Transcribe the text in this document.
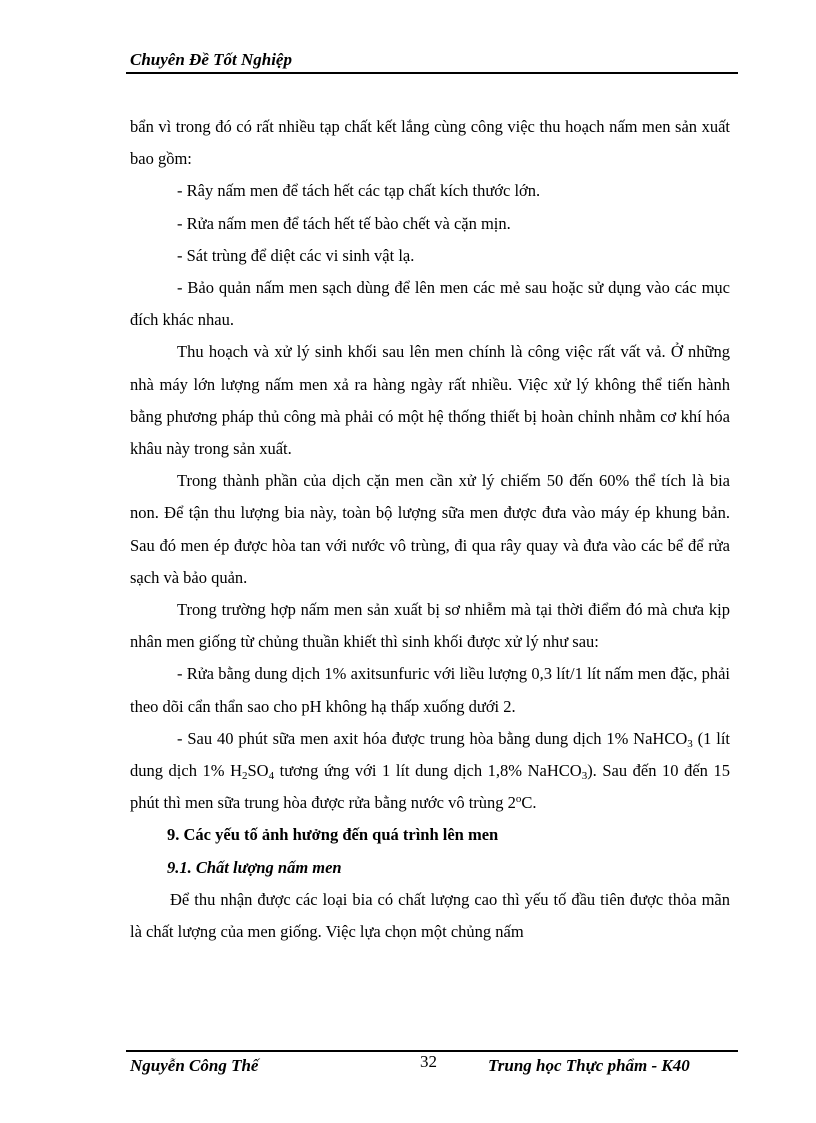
Chuyên Đề Tốt Nghiệp

bẩn vì trong đó có rất nhiều tạp chất kết lắng cùng công việc thu hoạch nấm men sản xuất bao gồm:

- Rây nấm men để tách hết các tạp chất kích thước lớn.

- Rửa nấm men để tách hết tế bào chết và cặn mịn.

- Sát trùng để diệt các vi sinh vật lạ.

- Bảo quản nấm men sạch dùng để lên men các mẻ sau hoặc sử dụng vào các mục đích khác nhau.

Thu hoạch và xử lý sinh khối sau lên men chính là công việc rất vất vả. Ở những nhà máy lớn lượng nấm men xả ra hàng ngày rất nhiều. Việc xử lý không thể tiến hành bằng phương pháp thủ công mà phải có một hệ thống thiết bị hoàn chỉnh nhằm cơ khí hóa khâu này trong sản xuất.

Trong thành phần của dịch cặn men cần xử lý chiếm 50 đến 60% thể tích là bia non. Để tận thu lượng bia này, toàn bộ lượng sữa men được đưa vào máy ép khung bản. Sau đó men ép được hòa tan với nước vô trùng, đi qua rây quay và đưa vào các bể để rửa sạch và bảo quản.

Trong trường hợp nấm men sản xuất bị sơ nhiễm mà tại thời điểm đó mà chưa kịp nhân men giống từ chủng thuần khiết thì sinh khối được xử lý như sau:

- Rửa bằng dung dịch 1% axitsunfuric với liều lượng 0,3 lít/1 lít nấm men đặc, phải theo dõi cẩn thẩn sao cho pH không hạ thấp xuống dưới 2.

- Sau 40 phút sữa men axit hóa được trung hòa bằng dung dịch 1% NaHCO$_3$ (1 lít dung dịch 1% $H_2SO_4$ tương ứng với 1 lít dung dịch 1,8% NaHCO$_3$). Sau đến 10 đến 15 phút thì men sữa trung hòa được rửa bằng nước vô trùng 2$^o$C.

9. Các yếu tố ảnh hưởng đến quá trình lên men

9.1. Chất lượng nấm men

Để thu nhận được các loại bia có chất lượng cao thì yếu tố đầu tiên được thỏa mãn là chất lượng của men giống. Việc lựa chọn một chủng nấm

Nguyễn Công Thế	32	Trung học Thực phẩm - K40
